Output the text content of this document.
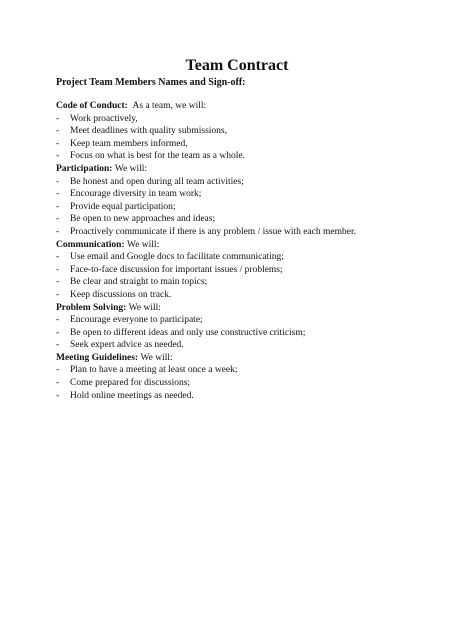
Team Contract
Project Team Members Names and Sign-off:
Code of Conduct: As a team, we will:
-	Work proactively,
-	Meet deadlines with quality submissions,
-	Keep team members informed,
-	Focus on what is best for the team as a whole.
Participation: We will:
-	Be honest and open during all team activities;
-	Encourage diversity in team work;
-	Provide equal participation;
-	Be open to new approaches and ideas;
-	Proactively communicate if there is any problem / issue with each member.
Communication: We will:
-	Use email and Google docs to facilitate communicating;
-	Face-to-face discussion for important issues / problems;
-	Be clear and straight to main topics;
-	Keep discussions on track.
Problem Solving: We will:
-	Encourage everyone to participate;
-	Be open to different ideas and only use constructive criticism;
-	Seek expert advice as needed.
Meeting Guidelines: We will:
-	Plan to have a meeting at least once a week;
-	Come prepared for discussions;
-	Hold online meetings as needed.
